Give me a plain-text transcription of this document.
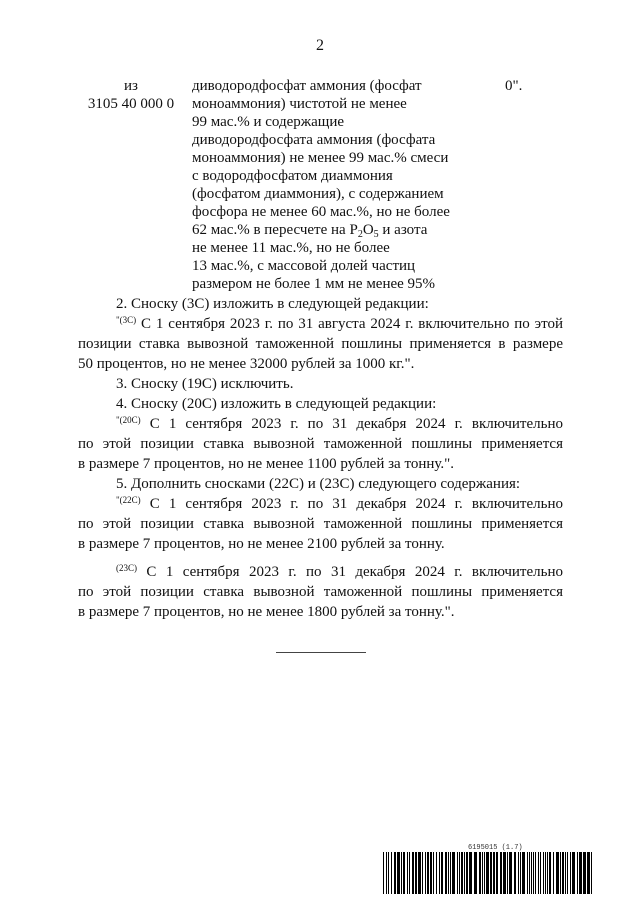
2
из
3105 40 000 0
диводородфосфат аммония (фосфат
моноаммония) чистотой не менее
99 мас.% и содержащие
диводородфосфата аммония (фосфата
моноаммония) не менее 99 мас.% смеси
с водородфосфатом диаммония
(фосфатом диаммония), с содержанием
фосфора не менее 60 мас.%, но не более
62 мас.% в пересчете на $P_2O_5$ и азота
не менее 11 мас.%, но не более
13 мас.%, с массовой долей частиц
размером не более 1 мм не менее 95%
0".

2. Сноску (3С) изложить в следующей редакции:

$^{"(3С)}$ С 1 сентября 2023 г. по 31 августа 2024 г. включительно по этой
позиции ставка вывозной таможенной пошлины применяется в размере
50 процентов, но не менее 32000 рублей за 1000 кг.".

3. Сноску (19С) исключить.

4. Сноску (20С) изложить в следующей редакции:

$^{"(20С)}$ С 1 сентября 2023 г. по 31 декабря 2024 г. включительно
по этой позиции ставка вывозной таможенной пошлины применяется
в размере 7 процентов, но не менее 1100 рублей за тонну.".

5. Дополнить сносками (22С) и (23С) следующего содержания:

$^{"(22С)}$ С 1 сентября 2023 г. по 31 декабря 2024 г. включительно
по этой позиции ставка вывозной таможенной пошлины применяется
в размере 7 процентов, но не менее 2100 рублей за тонну.
$^{(23С)}$ С 1 сентября 2023 г. по 31 декабря 2024 г. включительно
по этой позиции ставка вывозной таможенной пошлины применяется
в размере 7 процентов, но не менее 1800 рублей за тонну.".
6195015 (1.7)
